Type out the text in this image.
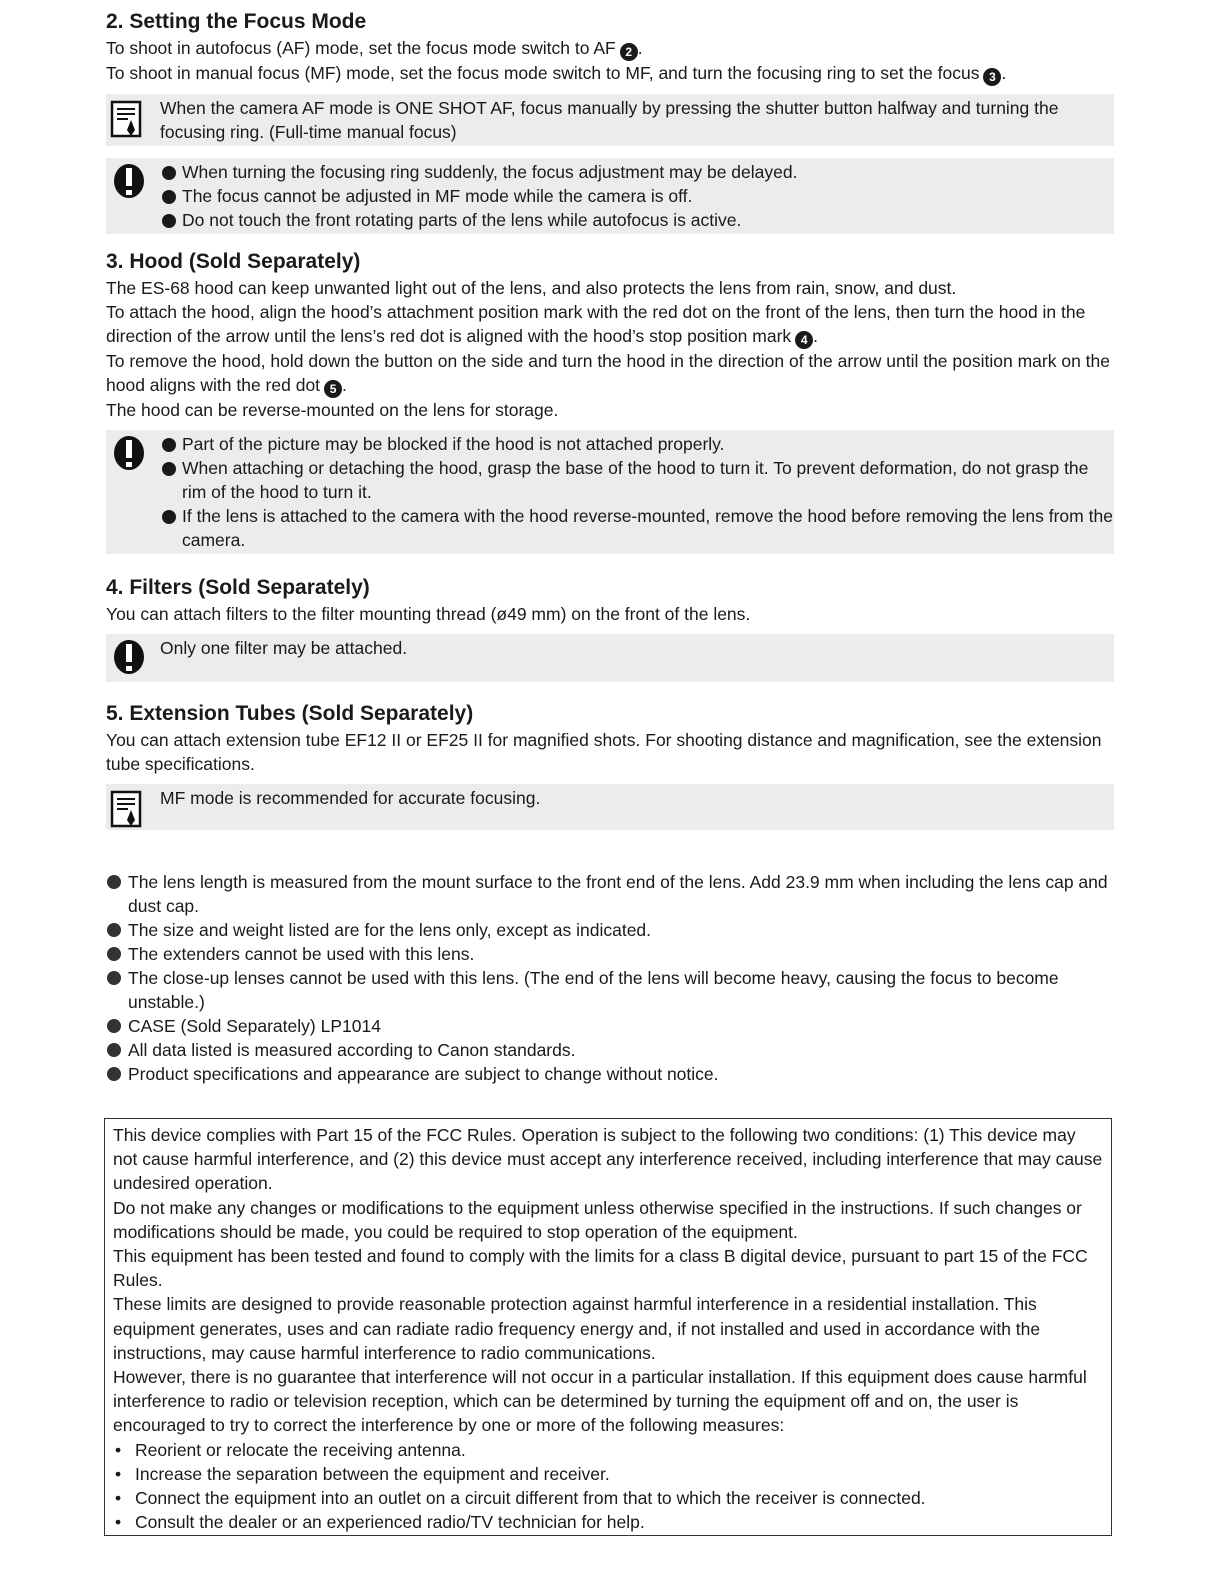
2. Setting the Focus Mode

To shoot in autofocus (AF) mode, set the focus mode switch to AF 2 .

To shoot in manual focus (MF) mode, set the focus mode switch to MF, and turn the focusing ring to set the focus 3 .

When the camera AF mode is ONE SHOT AF, focus manually by pressing the shutter button halfway and turning the focusing ring. (Full-time manual focus)
When turning the focusing ring suddenly, the focus adjustment may be delayed.
The focus cannot be adjusted in MF mode while the camera is off.
Do not touch the front rotating parts of the lens while autofocus is active.
3. Hood (Sold Separately)

The ES-68 hood can keep unwanted light out of the lens, and also protects the lens from rain, snow, and dust.

To attach the hood, align the hood’s attachment position mark with the red dot on the front of the lens, then turn the hood in the direction of the arrow until the lens’s red dot is aligned with the hood’s stop position mark 4 .

To remove the hood, hold down the button on the side and turn the hood in the direction of the arrow until the position mark on the hood aligns with the red dot 5 .

The hood can be reverse-mounted on the lens for storage.

Part of the picture may be blocked if the hood is not attached properly.
When attaching or detaching the hood, grasp the base of the hood to turn it. To prevent deformation, do not grasp the rim of the hood to turn it.
If the lens is attached to the camera with the hood reverse-mounted, remove the hood before removing the lens from the camera.
4. Filters (Sold Separately)

You can attach filters to the filter mounting thread (ø49 mm) on the front of the lens.

Only one filter may be attached.
5. Extension Tubes (Sold Separately)

You can attach extension tube EF12 II or EF25 II for magnified shots. For shooting distance and magnification, see the extension tube specifications.

MF mode is recommended for accurate focusing.
The lens length is measured from the mount surface to the front end of the lens. Add 23.9 mm when including the lens cap and dust cap.
The size and weight listed are for the lens only, except as indicated.
The extenders cannot be used with this lens.
The close-up lenses cannot be used with this lens. (The end of the lens will become heavy, causing the focus to become unstable.)
CASE (Sold Separately) LP1014
All data listed is measured according to Canon standards.
Product specifications and appearance are subject to change without notice.

This device complies with Part 15 of the FCC Rules. Operation is subject to the following two conditions: (1) This device may not cause harmful interference, and (2) this device must accept any interference received, including interference that may cause undesired operation.

Do not make any changes or modifications to the equipment unless otherwise specified in the instructions. If such changes or modifications should be made, you could be required to stop operation of the equipment.

This equipment has been tested and found to comply with the limits for a class B digital device, pursuant to part 15 of the FCC Rules.

These limits are designed to provide reasonable protection against harmful interference in a residential installation. This equipment generates, uses and can radiate radio frequency energy and, if not installed and used in accordance with the instructions, may cause harmful interference to radio communications.

However, there is no guarantee that interference will not occur in a particular installation. If this equipment does cause harmful interference to radio or television reception, which can be determined by turning the equipment off and on, the user is encouraged to try to correct the interference by one or more of the following measures:

• Reorient or relocate the receiving antenna.

• Increase the separation between the equipment and receiver.

• Connect the equipment into an outlet on a circuit different from that to which the receiver is connected.

• Consult the dealer or an experienced radio/TV technician for help.
